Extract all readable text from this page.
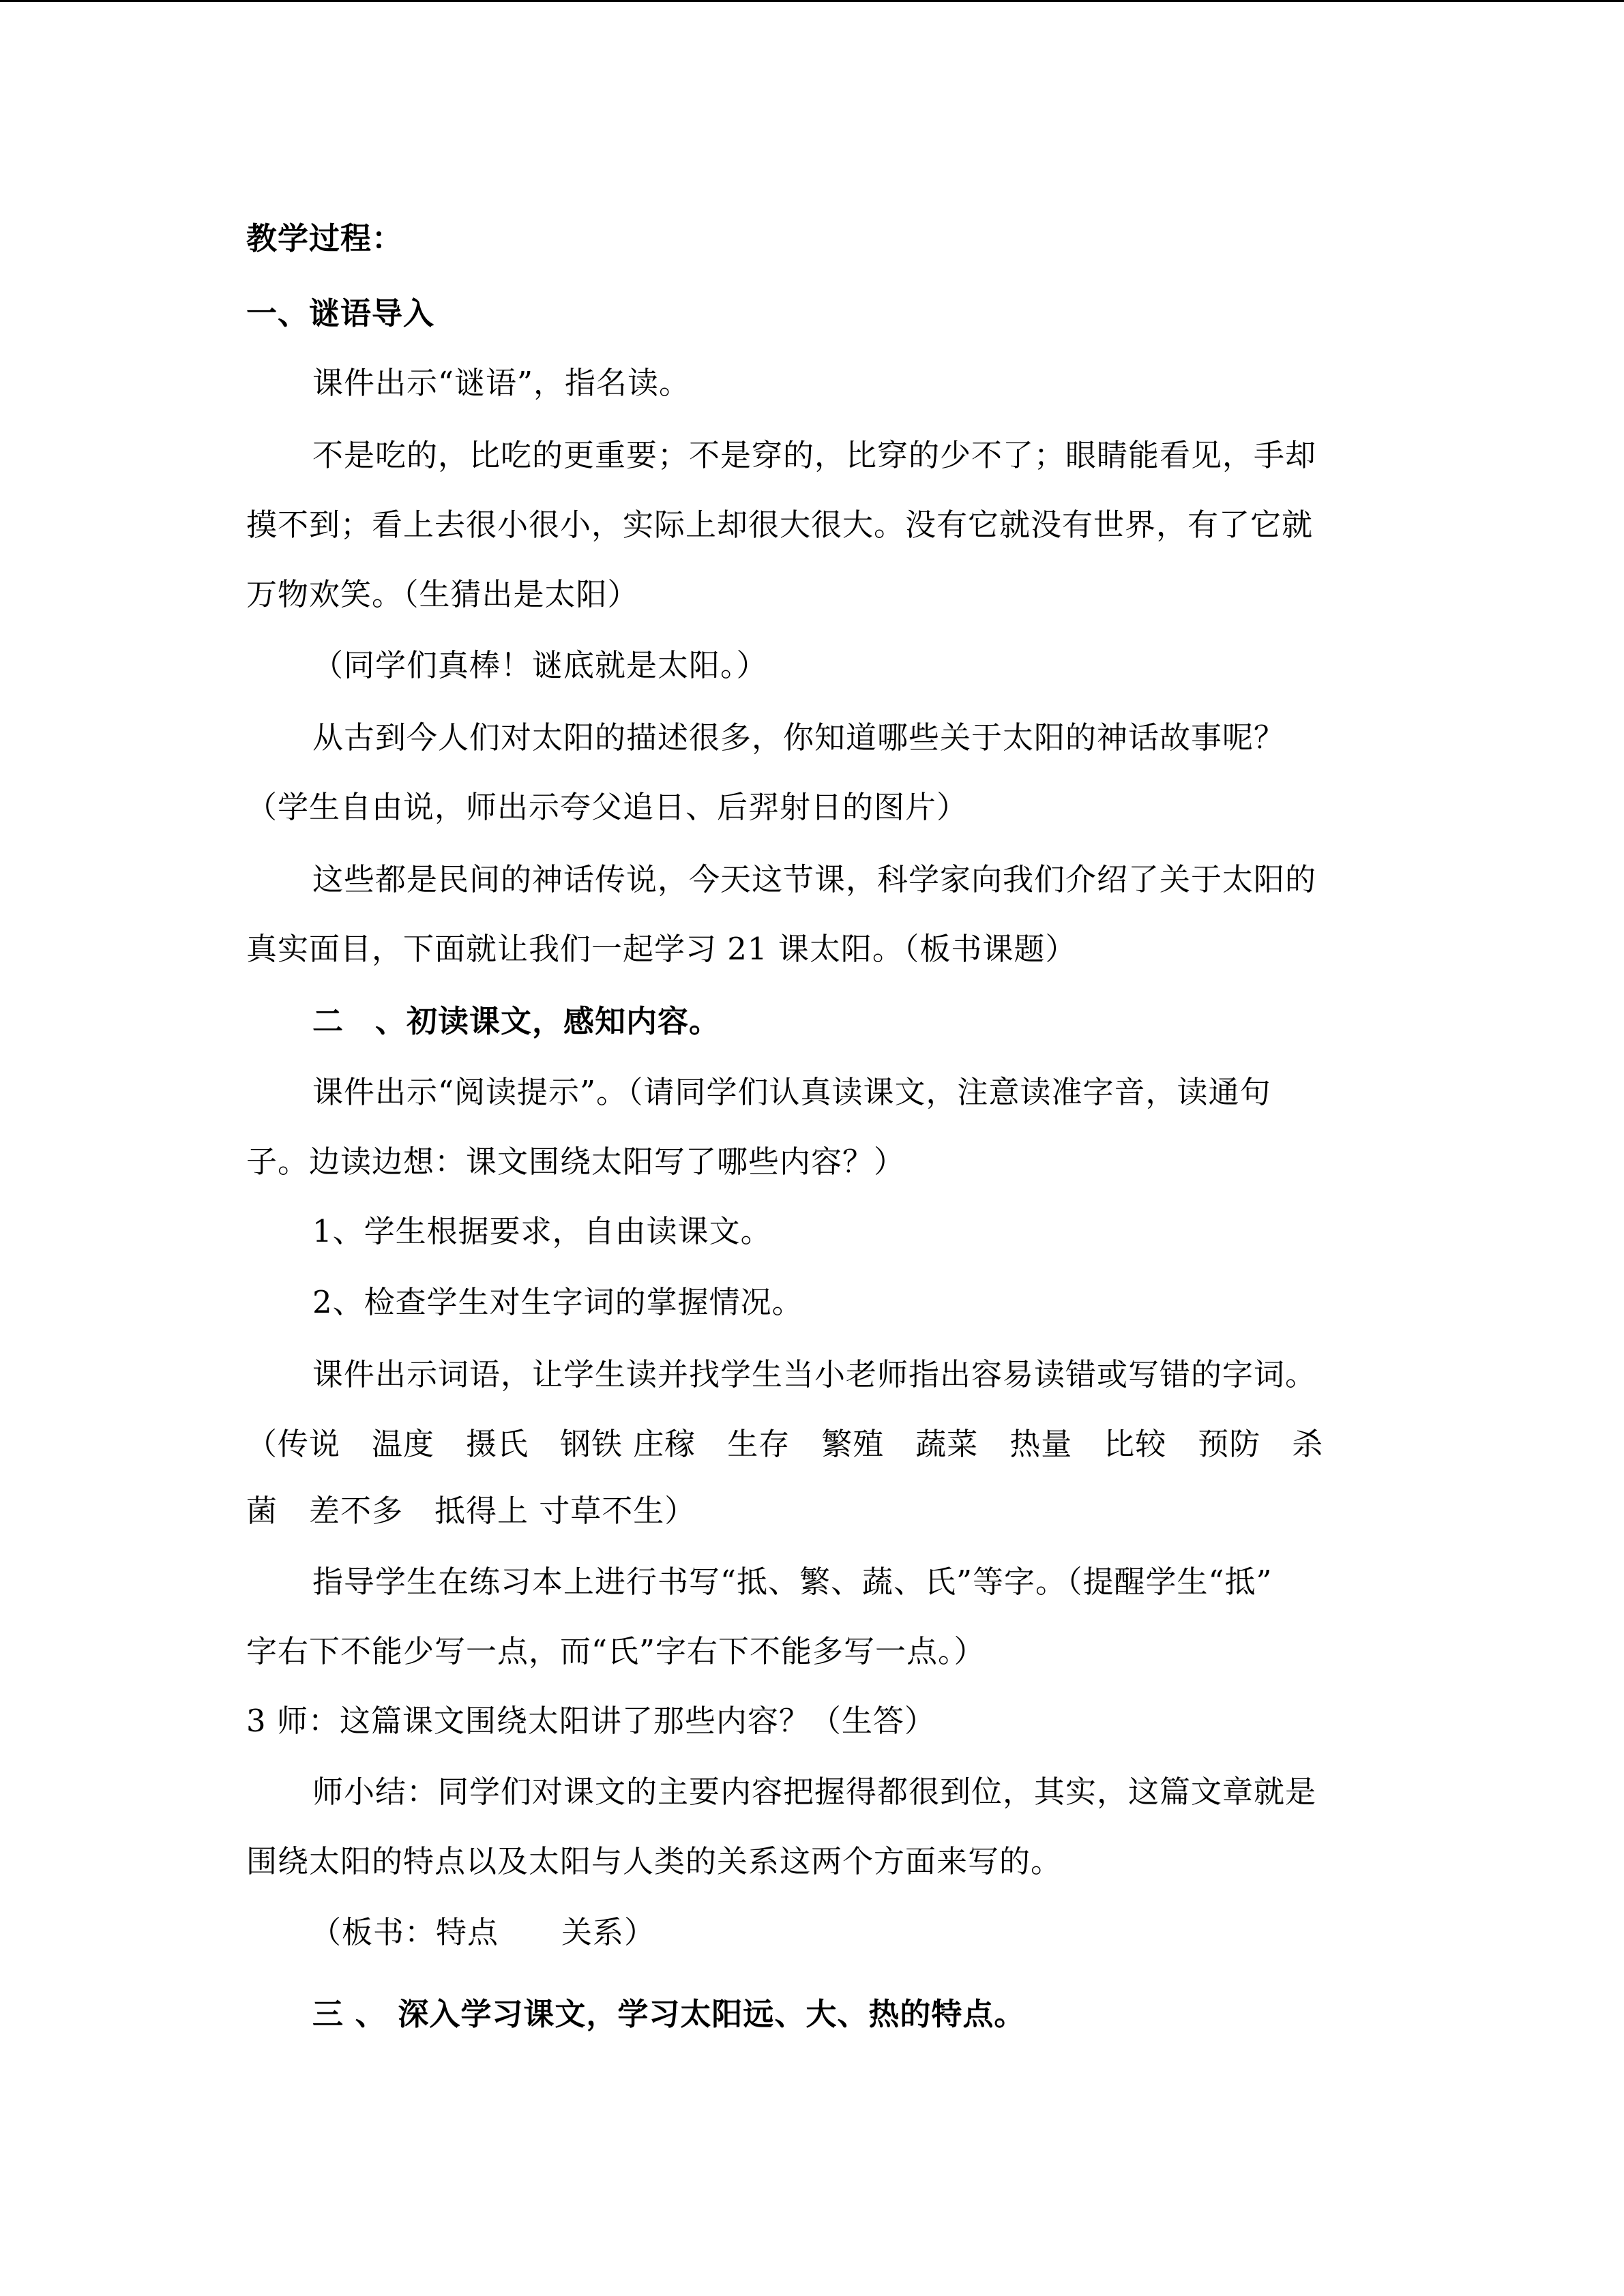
教学过程：
一、谜语导入
课件出示“谜语”，指名读。
不是吃的，比吃的更重要；不是穿的，比穿的少不了；眼睛能看见，手却
摸不到；看上去很小很小，实际上却很大很大。没有它就没有世界，有了它就
万物欢笑。（生猜出是太阳）
（同学们真棒！谜底就是太阳。）
从古到今人们对太阳的描述很多，你知道哪些关于太阳的神话故事呢？
（学生自由说，师出示夸父追日、后羿射日的图片）
这些都是民间的神话传说，今天这节课，科学家向我们介绍了关于太阳的
真实面目，下面就让我们一起学习 21 课太阳。（板书课题）
二　、初读课文，感知内容。
课件出示“阅读提示”。（请同学们认真读课文，注意读准字音，读通句
子。边读边想：课文围绕太阳写了哪些内容？）
1、学生根据要求，自由读课文。
2、检查学生对生字词的掌握情况。
课件出示词语，让学生读并找学生当小老师指出容易读错或写错的字词。
（传说　温度　摄氏　钢铁 庄稼　生存　繁殖　蔬菜　热量　比较　预防　杀
菌　差不多　抵得上 寸草不生）
指导学生在练习本上进行书写“抵、繁、蔬、氏”等字。（提醒学生“抵”
字右下不能少写一点，而“氏”字右下不能多写一点。）
3 师：这篇课文围绕太阳讲了那些内容？（生答）
师小结：同学们对课文的主要内容把握得都很到位，其实，这篇文章就是
围绕太阳的特点以及太阳与人类的关系这两个方面来写的。
（板书：特点　　关系）
三 、 深入学习课文，学习太阳远、大、热的特点。
